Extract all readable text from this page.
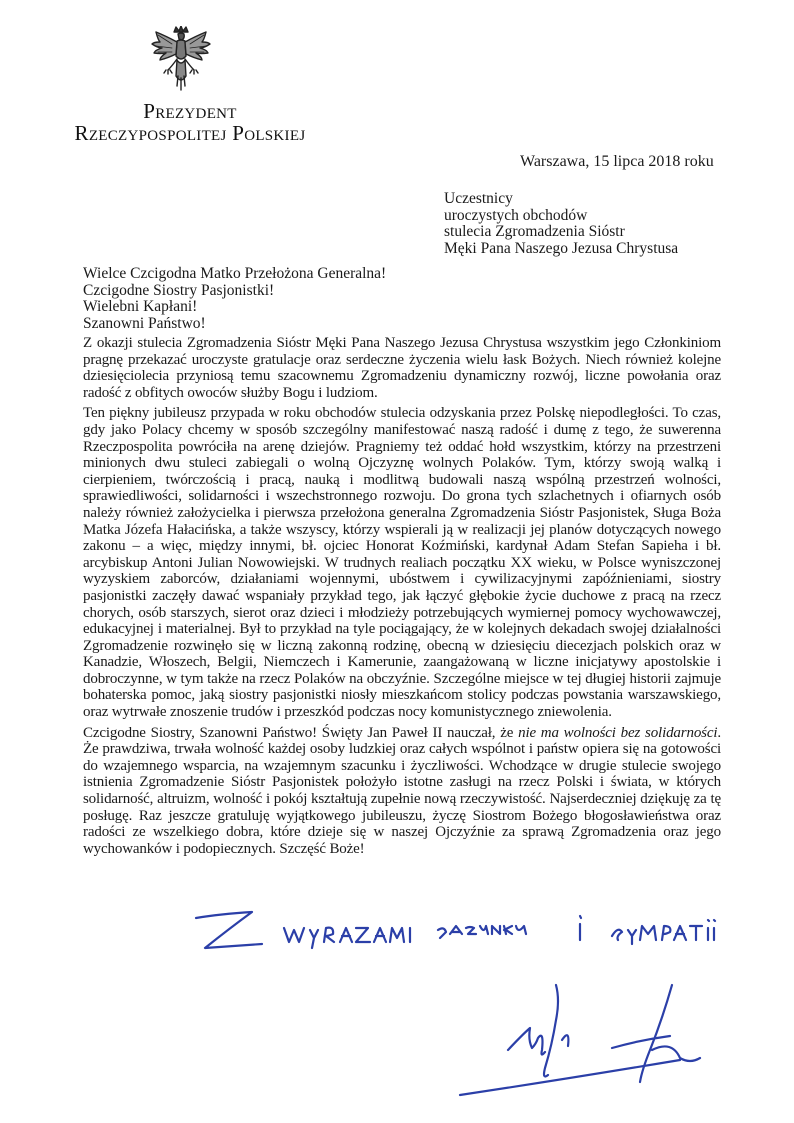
Prezydent
Rzeczypospolitej Polskiej
Warszawa, 15 lipca 2018 roku
Uczestnicy
uroczystych obchodów
stulecia Zgromadzenia Sióstr
Męki Pana Naszego Jezusa Chrystusa
Wielce Czcigodna Matko Przełożona Generalna!
Czcigodne Siostry Pasjonistki!
Wielebni Kapłani!
Szanowni Państwo!

Z okazji stulecia Zgromadzenia Sióstr Męki Pana Naszego Jezusa Chrystusa wszystkim jego Członkiniom pragnę przekazać uroczyste gratulacje oraz serdeczne życzenia wielu łask Bożych. Niech również kolejne dziesięciolecia przyniosą temu szacownemu Zgromadzeniu dynamiczny rozwój, liczne powołania oraz radość z obfitych owoców służby Bogu i ludziom.

Ten piękny jubileusz przypada w roku obchodów stulecia odzyskania przez Polskę niepodległości. To czas, gdy jako Polacy chcemy w sposób szczególny manifestować naszą radość i dumę z tego, że suwerenna Rzeczpospolita powróciła na arenę dziejów. Pragniemy też oddać hołd wszystkim, którzy na przestrzeni minionych dwu stuleci zabiegali o wolną Ojczyznę wolnych Polaków. Tym, którzy swoją walką i cierpieniem, twórczością i pracą, nauką i modlitwą budowali naszą wspólną przestrzeń wolności, sprawiedliwości, solidarności i wszechstronnego rozwoju. Do grona tych szlachetnych i ofiarnych osób należy również założycielka i pierwsza przełożona generalna Zgromadzenia Sióstr Pasjonistek, Sługa Boża Matka Józefa Hałacińska, a także wszyscy, którzy wspierali ją w realizacji jej planów dotyczących nowego zakonu – a więc, między innymi, bł. ojciec Honorat Koźmiński, kardynał Adam Stefan Sapieha i bł. arcybiskup Antoni Julian Nowowiejski. W trudnych realiach początku XX wieku, w Polsce wyniszczonej wyzyskiem zaborców, działaniami wojennymi, ubóstwem i cywilizacyjnymi zapóźnieniami, siostry pasjonistki zaczęły dawać wspaniały przykład tego, jak łączyć głębokie życie duchowe z pracą na rzecz chorych, osób starszych, sierot oraz dzieci i młodzieży potrzebujących wymiernej pomocy wychowawczej, edukacyjnej i materialnej. Był to przykład na tyle pociągający, że w kolejnych dekadach swojej działalności Zgromadzenie rozwinęło się w liczną zakonną rodzinę, obecną w dziesięciu diecezjach polskich oraz w Kanadzie, Włoszech, Belgii, Niemczech i Kamerunie, zaangażowaną w liczne inicjatywy apostolskie i dobroczynne, w tym także na rzecz Polaków na obczyźnie. Szczególne miejsce w tej długiej historii zajmuje bohaterska pomoc, jaką siostry pasjonistki niosły mieszkańcom stolicy podczas powstania warszawskiego, oraz wytrwałe znoszenie trudów i przeszkód podczas nocy komunistycznego zniewolenia.

Czcigodne Siostry, Szanowni Państwo! Święty Jan Paweł II nauczał, że nie ma wolności bez solidarności. Że prawdziwa, trwała wolność każdej osoby ludzkiej oraz całych wspólnot i państw opiera się na gotowości do wzajemnego wsparcia, na wzajemnym szacunku i życzliwości. Wchodzące w drugie stulecie swojego istnienia Zgromadzenie Sióstr Pasjonistek położyło istotne zasługi na rzecz Polski i świata, w których solidarność, altruizm, wolność i pokój kształtują zupełnie nową rzeczywistość. Najserdeczniej dziękuję za tę posługę. Raz jeszcze gratuluję wyjątkowego jubileuszu, życzę Siostrom Bożego błogosławieństwa oraz radości ze wszelkiego dobra, które dzieje się w naszej Ojczyźnie za sprawą Zgromadzenia oraz jego wychowanków i podopiecznych. Szczęść Boże!
